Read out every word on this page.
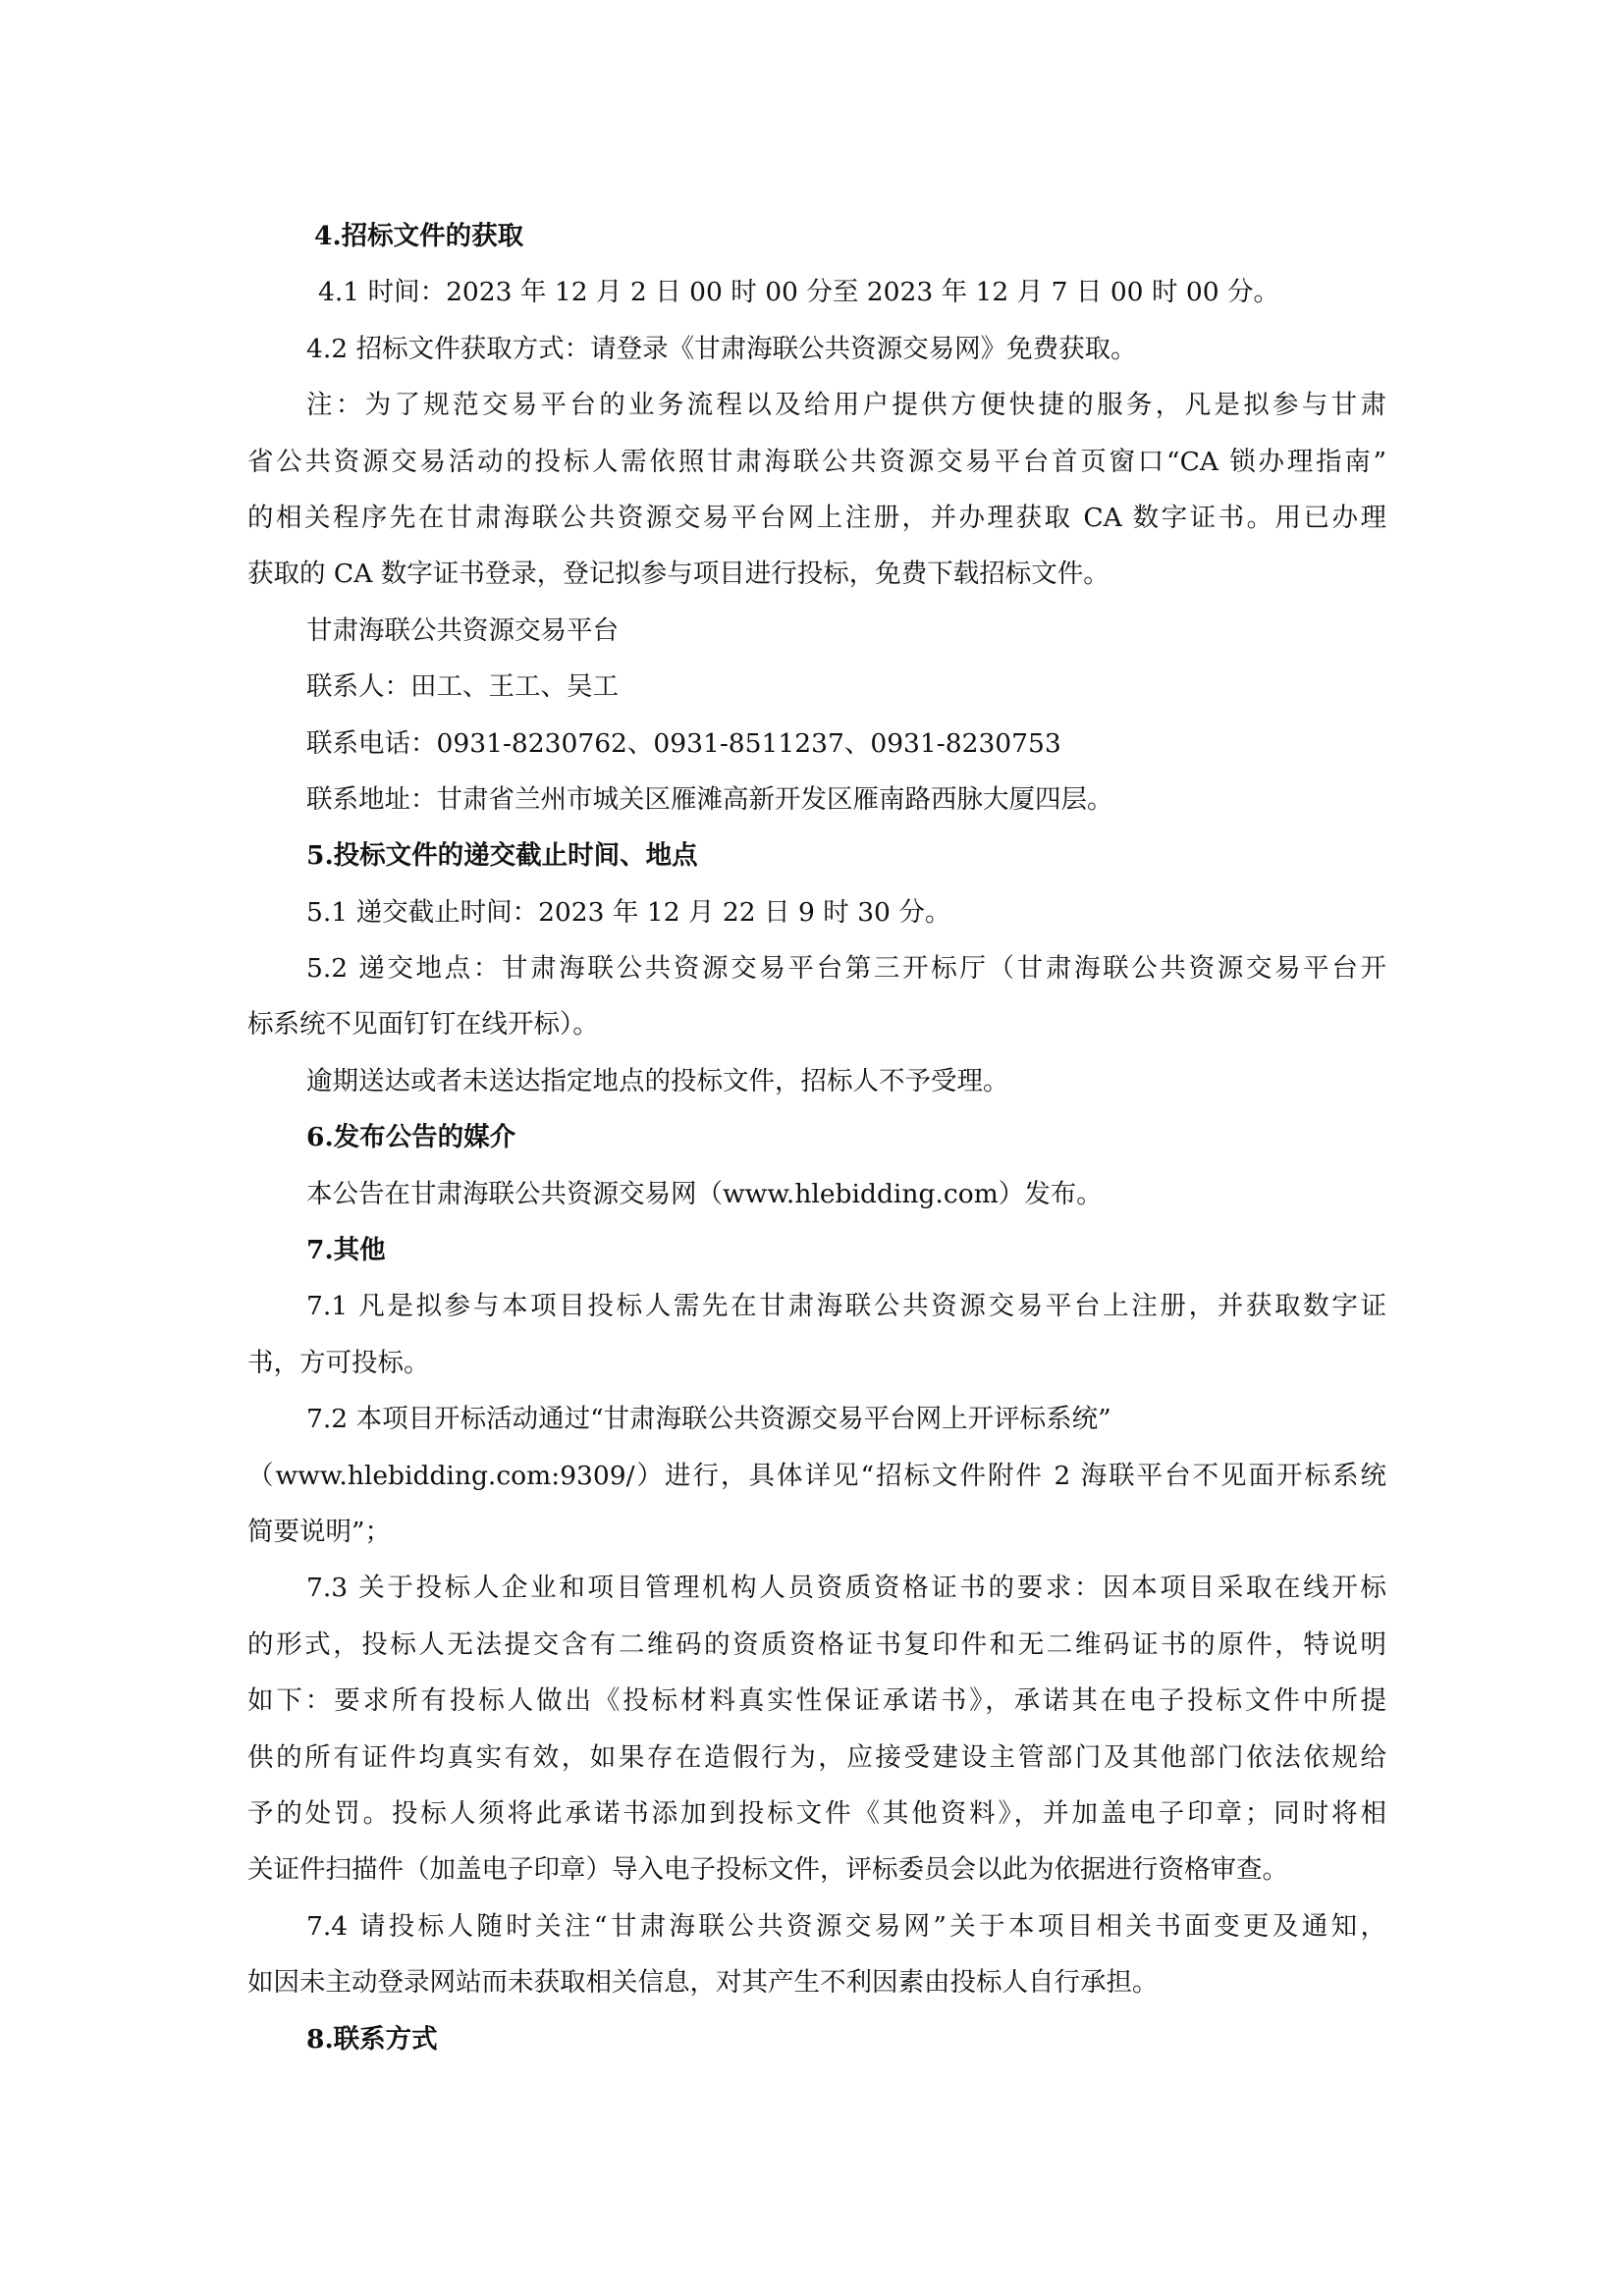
4.招标文件的获取
4.1 时间：2023 年 12 月 2 日 00 时 00 分至 2023 年 12 月 7 日 00 时 00 分。
4.2 招标文件获取方式：请登录《甘肃海联公共资源交易网》免费获取。
注：为了规范交易平台的业务流程以及给用户提供方便快捷的服务，凡是拟参与甘肃
省公共资源交易活动的投标人需依照甘肃海联公共资源交易平台首页窗口“CA 锁办理指南”
的相关程序先在甘肃海联公共资源交易平台网上注册，并办理获取 CA 数字证书。用已办理
获取的 CA 数字证书登录，登记拟参与项目进行投标，免费下载招标文件。
甘肃海联公共资源交易平台
联系人：田工、王工、吴工
联系电话：0931-8230762、0931-8511237、0931-8230753
联系地址：甘肃省兰州市城关区雁滩高新开发区雁南路西脉大厦四层。
5.投标文件的递交截止时间、地点
5.1 递交截止时间：2023 年 12 月 22 日 9 时 30 分。
5.2 递交地点：甘肃海联公共资源交易平台第三开标厅（甘肃海联公共资源交易平台开
标系统不见面钉钉在线开标）。
逾期送达或者未送达指定地点的投标文件，招标人不予受理。
6.发布公告的媒介
本公告在甘肃海联公共资源交易网（www.hlebidding.com）发布。
7.其他
7.1 凡是拟参与本项目投标人需先在甘肃海联公共资源交易平台上注册，并获取数字证
书，方可投标。
7.2 本项目开标活动通过“甘肃海联公共资源交易平台网上开评标系统”
（www.hlebidding.com:9309/）进行，具体详见“招标文件附件 2 海联平台不见面开标系统
简要说明”；
7.3 关于投标人企业和项目管理机构人员资质资格证书的要求：因本项目采取在线开标
的形式，投标人无法提交含有二维码的资质资格证书复印件和无二维码证书的原件，特说明
如下：要求所有投标人做出《投标材料真实性保证承诺书》，承诺其在电子投标文件中所提
供的所有证件均真实有效，如果存在造假行为，应接受建设主管部门及其他部门依法依规给
予的处罚。投标人须将此承诺书添加到投标文件《其他资料》，并加盖电子印章；同时将相
关证件扫描件（加盖电子印章）导入电子投标文件，评标委员会以此为依据进行资格审查。
7.4 请投标人随时关注“甘肃海联公共资源交易网”关于本项目相关书面变更及通知，
如因未主动登录网站而未获取相关信息，对其产生不利因素由投标人自行承担。
8.联系方式
